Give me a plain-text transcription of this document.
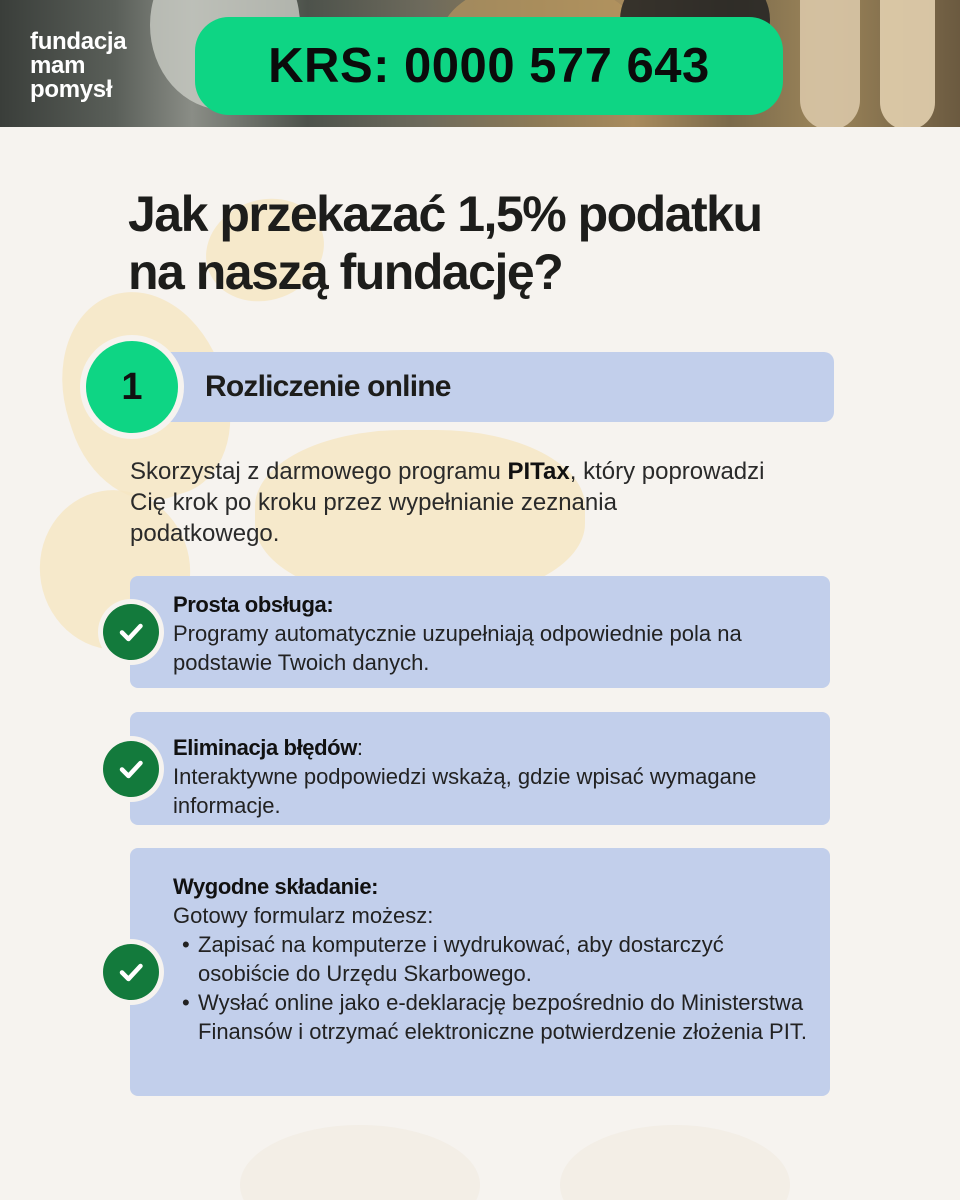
fundacja
mam
pomysł	KRS: 0000 577 643
Jak przekazać 1,5% podatku
na naszą fundację?
Rozliczenie online
1

Skorzystaj z darmowego programu PITax, który poprowadzi Cię krok po kroku przez wypełnianie zeznania podatkowego.

Prosta obsługa:
Programy automatycznie uzupełniają odpowiednie pola na podstawie Twoich danych.
Eliminacja błędów:
Interaktywne podpowiedzi wskażą, gdzie wpisać wymagane informacje.
Wygodne składanie:
Gotowy formularz możesz:
• Zapisać na komputerze i wydrukować, aby dostarczyć osobiście do Urzędu Skarbowego.
• Wysłać online jako e-deklarację bezpośrednio do Ministerstwa Finansów i otrzymać elektroniczne potwierdzenie złożenia PIT.
